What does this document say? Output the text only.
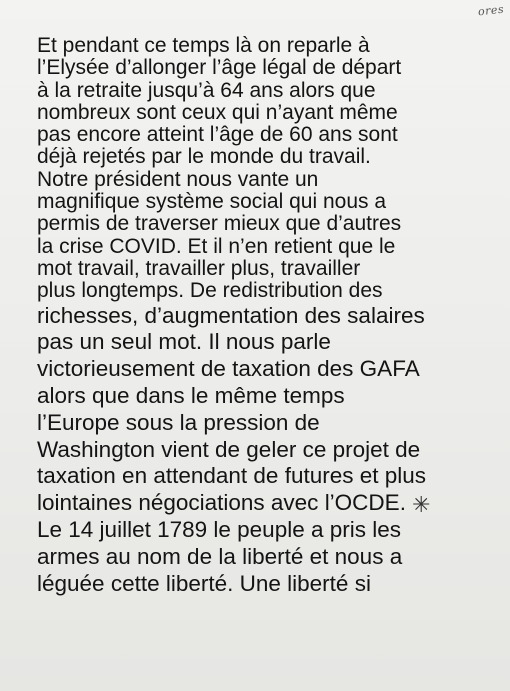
ores
Et pendant ce temps là on reparle à
l’Elysée d’allonger l’âge légal de départ
à la retraite jusqu’à 64 ans alors que
nombreux sont ceux qui n’ayant même
pas encore atteint l’âge de 60 ans sont
déjà rejetés par le monde du travail.
Notre président nous vante un
magnifique système social qui nous a
permis de traverser mieux que d’autres
la crise COVID. Et il n’en retient que le
mot travail, travailler plus, travailler
plus longtemps. De redistribution des
richesses, d’augmentation des salaires
pas un seul mot. Il nous parle
victorieusement de taxation des GAFA
alors que dans le même temps
l’Europe sous la pression de
Washington vient de geler ce projet de
taxation en attendant de futures et plus
lointaines négociations avec l’OCDE. ✳
Le 14 juillet 1789 le peuple a pris les
armes au nom de la liberté et nous a
léguée cette liberté. Une liberté si
